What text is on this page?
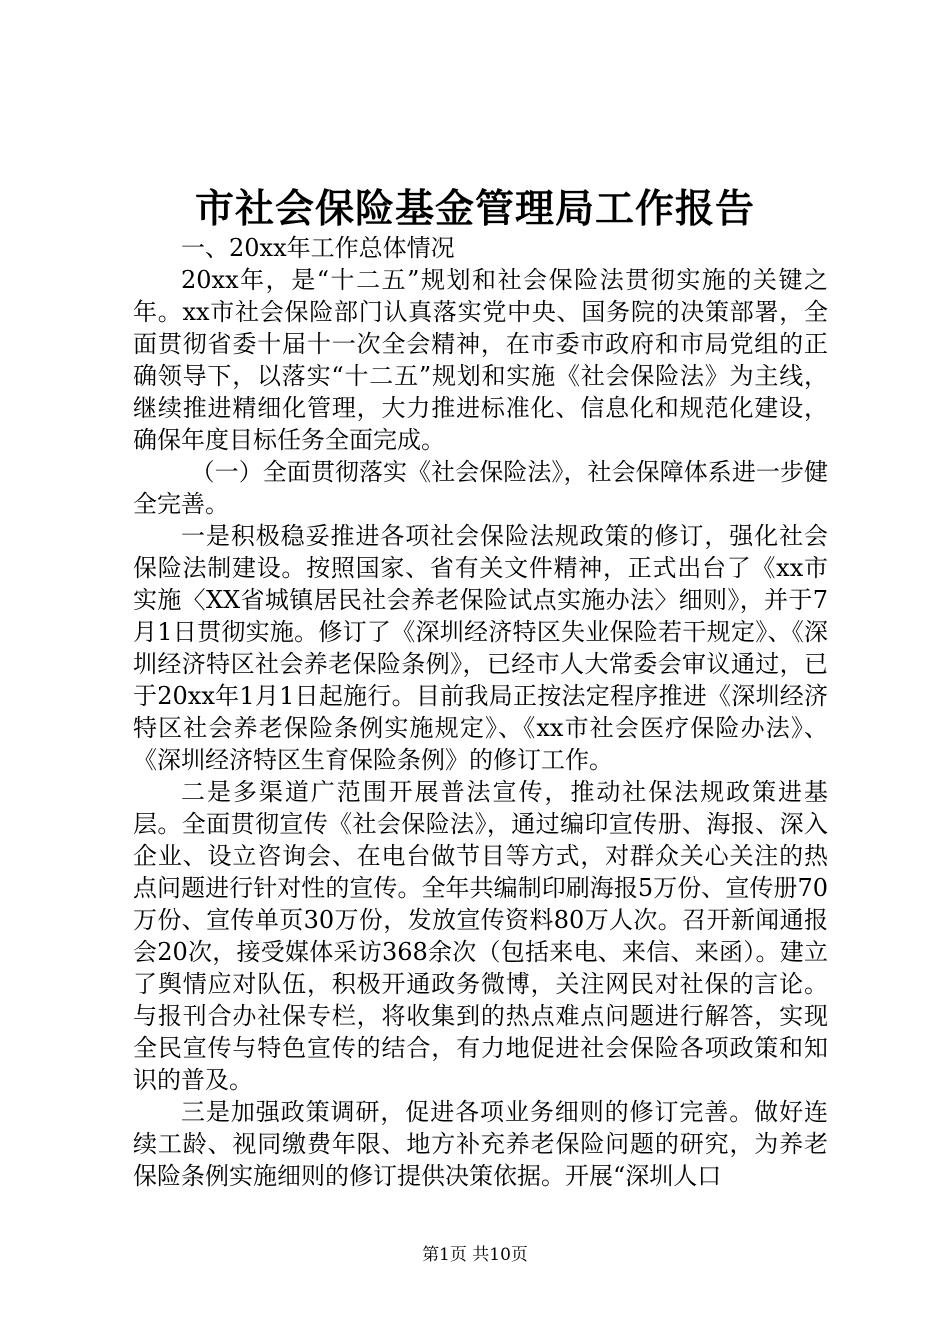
市社会保险基金管理局工作报告

一、20xx年工作总体情况

20xx年，是“十二五”规划和社会保险法贯彻实施的关键之年。xx市社会保险部门认真落实党中央、国务院的决策部署，全面贯彻省委十届十一次全会精神，在市委市政府和市局党组的正确领导下，以落实“十二五”规划和实施《社会保险法》为主线，继续推进精细化管理，大力推进标准化、信息化和规范化建设，确保年度目标任务全面完成。

（一）全面贯彻落实《社会保险法》，社会保障体系进一步健全完善。

一是积极稳妥推进各项社会保险法规政策的修订，强化社会保险法制建设。按照国家、省有关文件精神，正式出台了《xx市实施〈XX省城镇居民社会养老保险试点实施办法〉细则》，并于7月1日贯彻实施。修订了《深圳经济特区失业保险若干规定》、《深圳经济特区社会养老保险条例》，已经市人大常委会审议通过，已于20xx年1月1日起施行。目前我局正按法定程序推进《深圳经济特区社会养老保险条例实施规定》、《xx市社会医疗保险办法》、《深圳经济特区生育保险条例》的修订工作。

二是多渠道广范围开展普法宣传，推动社保法规政策进基层。全面贯彻宣传《社会保险法》，通过编印宣传册、海报、深入企业、设立咨询会、在电台做节目等方式，对群众关心关注的热点问题进行针对性的宣传。全年共编制印刷海报5万份、宣传册70万份、宣传单页30万份，发放宣传资料80万人次。召开新闻通报会20次，接受媒体采访368余次（包括来电、来信、来函）。建立了舆情应对队伍，积极开通政务微博，关注网民对社保的言论。与报刊合办社保专栏，将收集到的热点难点问题进行解答，实现全民宣传与特色宣传的结合，有力地促进社会保险各项政策和知识的普及。

三是加强政策调研，促进各项业务细则的修订完善。做好连续工龄、视同缴费年限、地方补充养老保险问题的研究，为养老保险条例实施细则的修订提供决策依据。开展“深圳人口

第1页 共10页
